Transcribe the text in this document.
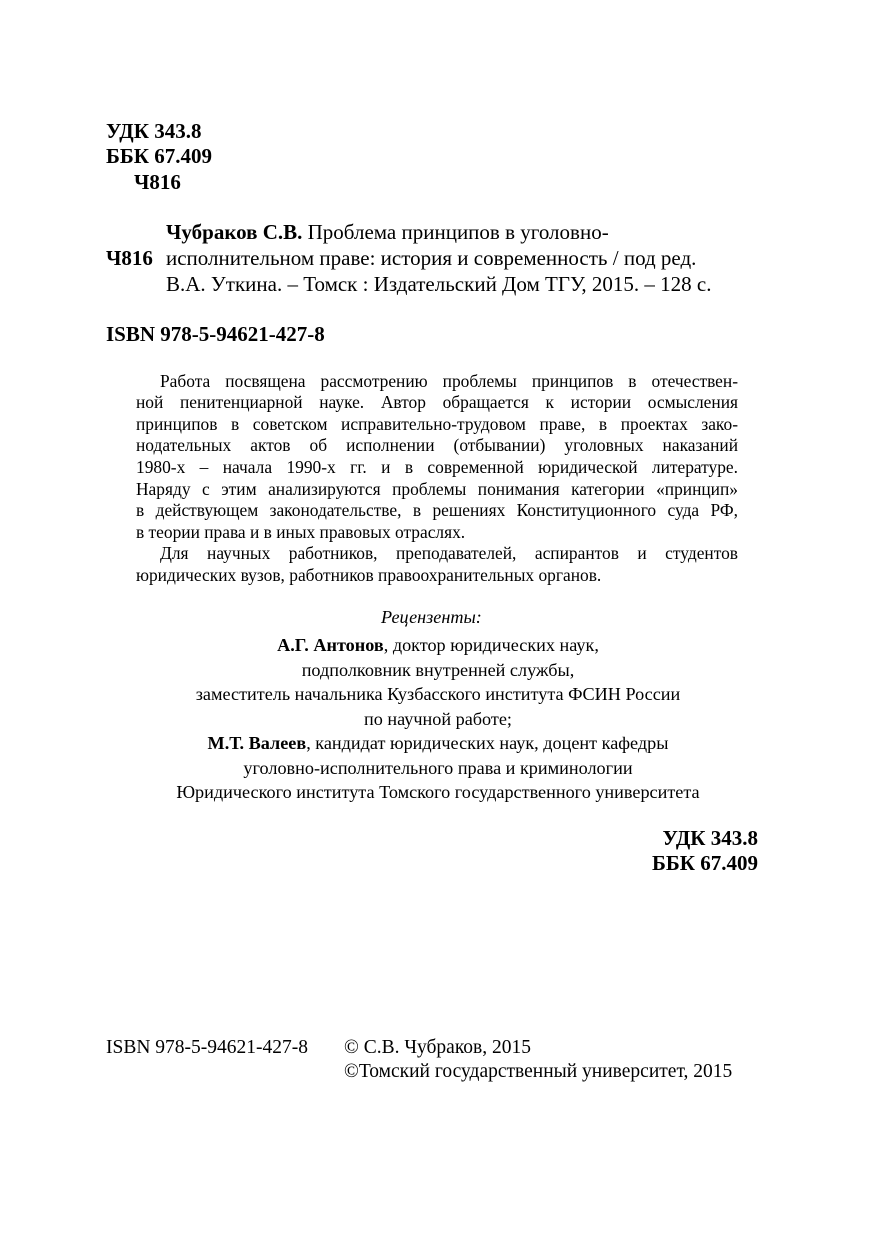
УДК 343.8
ББК 67.409
Ч816
Чубраков С.В. Проблема принципов в уголовно-
Ч816 исполнительном праве: история и современность / под ред.
В.А. Уткина. – Томск : Издательский Дом ТГУ, 2015. – 128 с.
ISBN 978-5-94621-427-8
Работа посвящена рассмотрению проблемы принципов в отечествен-
ной пенитенциарной науке. Автор обращается к истории осмысления
принципов в советском исправительно-трудовом праве, в проектах зако-
нодательных актов об исполнении (отбывании) уголовных наказаний
1980-х – начала 1990-х гг. и в современной юридической литературе.
Наряду с этим анализируются проблемы понимания категории «принцип»
в действующем законодательстве, в решениях Конституционного суда РФ,
в теории права и в иных правовых отраслях.
Для научных работников, преподавателей, аспирантов и студентов
юридических вузов, работников правоохранительных органов.
Рецензенты:
А.Г. Антонов, доктор юридических наук,
подполковник внутренней службы,
заместитель начальника Кузбасского института ФСИН России
по научной работе;
М.Т. Валеев, кандидат юридических наук, доцент кафедры
уголовно-исполнительного права и криминологии
Юридического института Томского государственного университета
УДК 343.8
ББК 67.409
ISBN 978-5-94621-427-8 © С.В. Чубраков, 2015
©Томский государственный университет, 2015
